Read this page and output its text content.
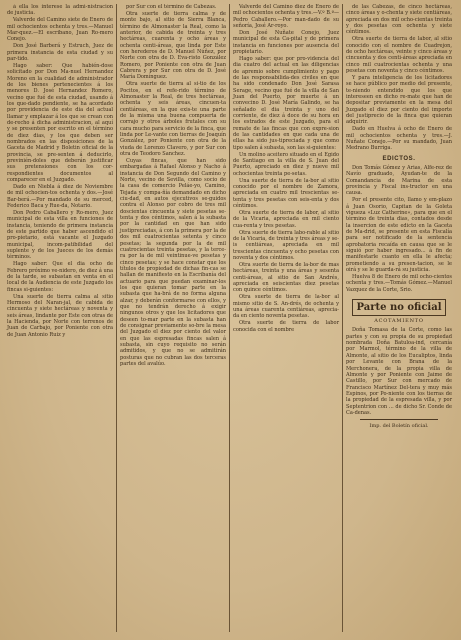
á ella los interese la admi-nistracion de justicia.

Valverde del Camino siete de Enero de mil ochocientos ochenta y tres.—Manuel Mar-quez.—El escribano, Juan Ro-mero Conejo.

Don José Barberá y Estruch, Juez de primera instancia de esta ciudad y su par-tido.

Hago saber: Que habién-dose solicitado por Don Ma-nuel Hernandez Moreno en la cualidad de administrador de los bienes pertenecientes á los menores D. José Hernandez Romero, vecino que fué de esta ciudad, usando á los que-dado pendiente, se ha acordado por providencia de este dia del actual llamar y emplazar á los que se crean con de-recho á dicha administracion, al aquí y se presenten por escrito en el término de diez dias, y los que deben ser nombrados en las disposiciones de la Gaceta de Madrid y Boletin oficial de la provincia, se pre-senten á deducirlo, previnién-doles que deberán justificar sus pretensiones con los cor-respondientes documentos al comparecer en el Juzgado.

Dado en Niebla á diez de Noviembre de mil ochocien-tos ochenta y dos.—José Bar-berá.—Por mandado de su merced, Federico Baca y Rue-da, Notario.

Don Pedro Caballero y Ro-mero, Juez municipal de esta villa en funciones de instancia, teniendo de primera instancia de este partido que haber ascendido el pro-pietario, está vacante el Juzgado municipal, incom-patibilidad del suplente y de los Jueces de los demás términos.

Hago saber: Que el dia ocho de Febrero próximo ve-nidero, de diez á una de la tarde, se subastan en venta en el local de la Audiencia de este Juzgado los fincas si-guientes:

Una suerte de tierra calma al sitio Hermoso del Naran-jal, de cabida de cincuenta y siete hectáreas y noventa y seis áreas, lindante por Este con otras de la Hacienda, por Norte con terrenos de Juan de Carbajo, por Poniente con otra de Juan Antonio Ruiz y

por Sur con el término de Cabezas.

Otra suerte de tierra calma y de monte bajo, al sitio de Sierra Blanca, término de Almonaster la Real, como la anterior, de cabida de treinta y tres hectáreas, cuarenta y ocho áreas y ochenta centi-áreas, que linda por Este con herederos de D. Manuel Núñez, por Norte con otra de D. Eva-risto González Romero, por Poniente con otra de Juan Cabrera y por Sur con otra de D. José María Domínguez.

Otra suerte de tierra al si-tio de los Pocitos, en el refe-rido término de Almonaster la Real, de tres hectáreas, ochenta y seis áreas, cincuen-ta centiáreas, en la que exis-te una parte de la misma una buena compuerta de corrajo y otros árboles frutales con su cara mucho para servicio de la finca, que linda por Le-vante con tierras de Joaquín González, por Poniente con otra de la viuda de Lorenzo Clavero, y por Sur con otra de Teodoro Sanchez.

Cuyas fincas, que han sido embargadas á Rafael Alonso y Nacho á instancia de Don Segundo del Camino y Norte, vecino de Sevilla, como socio de la casa de comercio Peláe-yo, Camino, Tejada y compa-ñía demandado en dicho ciu-dad, en autos ejecutivos se-guidos contra el Alonso por cobro de tres mil doscientas cincuenta y siete pesetas se-tenta y dos céntimos, salen á la subasta por la cantidad en que han sido justipreciadas, á con la primera por la de dos mil cuatrocientas setenta y cinco pesetas; la segunda por la de mil cuatrocientas treinta pesetas, y la terce-ra por la de mil veintinue-ve pesetas y cinco pesetas; y se hace constar que los títulos de propiedad de dichas fin-cas se hallan de manifiesto en la Escribanía del actuario para que puedan examinar-los los que quieran tomar parte en la subasta que ha-brá de no forma alguna alzar, y deberán conformarse con ellos, y que no tendrán derecho á exigir ningunos otros y que los licitadores que deseen to-mar parte en la subasta han de consignar previamente so-bre la mesa del Juzgado el diez por ciento del valor en que las espresadas fincas salen á subasta, sin cuyo requisito no serán admitidos, y que no se admitirán posturas que no cubran las dos terceras partes del avalúo.

Valverde del Camino diez de Enero de mil ochocientos ochenta y tres.—V.º B.º—Pedro Caballero.—Por man-dado de su señoría, José Ar-royo.

Don José Nuñate Conejo, Juez municipal de esta Ca-pital y de primera instancia en funciones por ausencia del propietario.

Hago saber: que por pro-videncia del dia cuatro del actual en las diligencias de apremio sobre cumplimiento y pago de las responsabilida-des civiles en que ha sido condenado Don José Sarasa Serage, vecino que fué de la villa de San Juan del Puerto, por muerte á un convecino D. José María Galindo, se ha señalado el dia treinta y uno del corriente, de diez á doce de su hora en los estrados de este Juzgado, para el remate de las fincas que con expre-sion de las cantidades en que cada una de ellas ha sido jus-tipreciada y que como tipo salen á subasta, son las si-guientes:

Un molino aceitero situado en el Egido de Santiago en la villa de S. Juan del Puerto, apreciado en diez y nueve mil ochocientas treinta pe-setas.

Una suerte de tierra de la-bor al sitio conocido por el nombre de Zamora, apreciada en cuatro mil trescientas se-tenta y tres pesetas con seis-enta y dos céntimos.

Otra suerte de tierra de labor, al sitio de la Vicaria, apreciada en mil ciento cua-renta y tres pesetas.

Otra suerte de tierra labo-rable al sitio de la Vicaria, de treinta y tres áreas y se-is centiáreas, apreciada en mil trescientas cincuenta y ocho pesetas con noventa y dos céntimos.

Otra suerte de tierra de la-bor de mas hectáreas, treinta y una áreas y sesenta centi-áreas, al sitio de San Andrés, apreciada en seiscientas diez pesetas con quince céntimos.

Otra suerte de tierra de la-bor al mismo sitio de S. An-drés, de ochenta y una áreas cuarenta centiáreas, aprecia-da en ciento noventa pesetas.

Otra suerte de tierra de labor conocida con el nombre

de las Cabezas, de cinco hectáreas, cinco áreas y o-chenta y siete centiáreas, apreciada en dos mil ocho-cientas treinta y dos pesetas con ochenta y siete céntimos.

Otra suerte de tierra de labor, al sitio conocido con el nombre de Cuadrejon, de ocho hectáreas, veinte y cinco áreas y cincuenta y dos centi-áreas apreciada en cinco mil cuatrocientas ochenta y una pesetas con noventa y cinco céntimos.

Y para inteligencia de los licitadores se hace público por medio del presente, te-niendo entendido que los que intereseen en dicho re-mate que han de depositar previamente en la mesa del Juzgado el diez por ciento del importe del justiprecio de la finca que quieran adquirir.

Dado en Huelva á ocho de Enero de mil ochocientos ochenta y tres.—J. Nuñate Conejo.—Por su mandado, Juan Medrano Burriga.

EDICTOS.

Don Tomás Gómez y Arias, Alfe-rez de Navío graduado, Ayudan-te de la Comandancia de Marina de esta provincia y Fiscal ins-tructor en una causa.

Por el presente cito, llamo y em-plazo á Juan Osorio, Capitan de la Goleta vigueza «Luz Catherine», para que en el término de treinta dias, contados desde la insercion de este edicto en la Gaceta de Ma-drid, se presente en esta Fiscalía para ser notificado de la sentencia aprobatoria recaída en causa que se le siguió por haber ingresado... á fin de manifestarle cuanto en ella le afecta; prometiendo a su presen-tacion, se le oirá y se le guarda-rá su justicia.

Huelva 8 de Enero de mil ocho-cientos ochenta y tres.—Tomás Gómez.—Manuel Vazquez de la Corte, Srio.

Parte no oficial
ACOTAMIENTO

Doña Tomasa de la Corte, como las partes y con su propia de su propiedad nombrada Doña Batuloa-ind, cercanía por Marmol, término de la villa de Almonte, al sitio de los Eucaliptos, linda por Levante con Brana de la Merchonera, de la propia villa de Almonte y por Poniente con Jaime de Castillo, por Sur con mercado de Francisco Martínez Del-tera y muy más Espinos, por Po-niente con los tierras de la propiedad de la espresada villa, y por Septentrion con ... de dicho Sr. Conde de Ca-denas.

Imp. del Boletín oficial.
